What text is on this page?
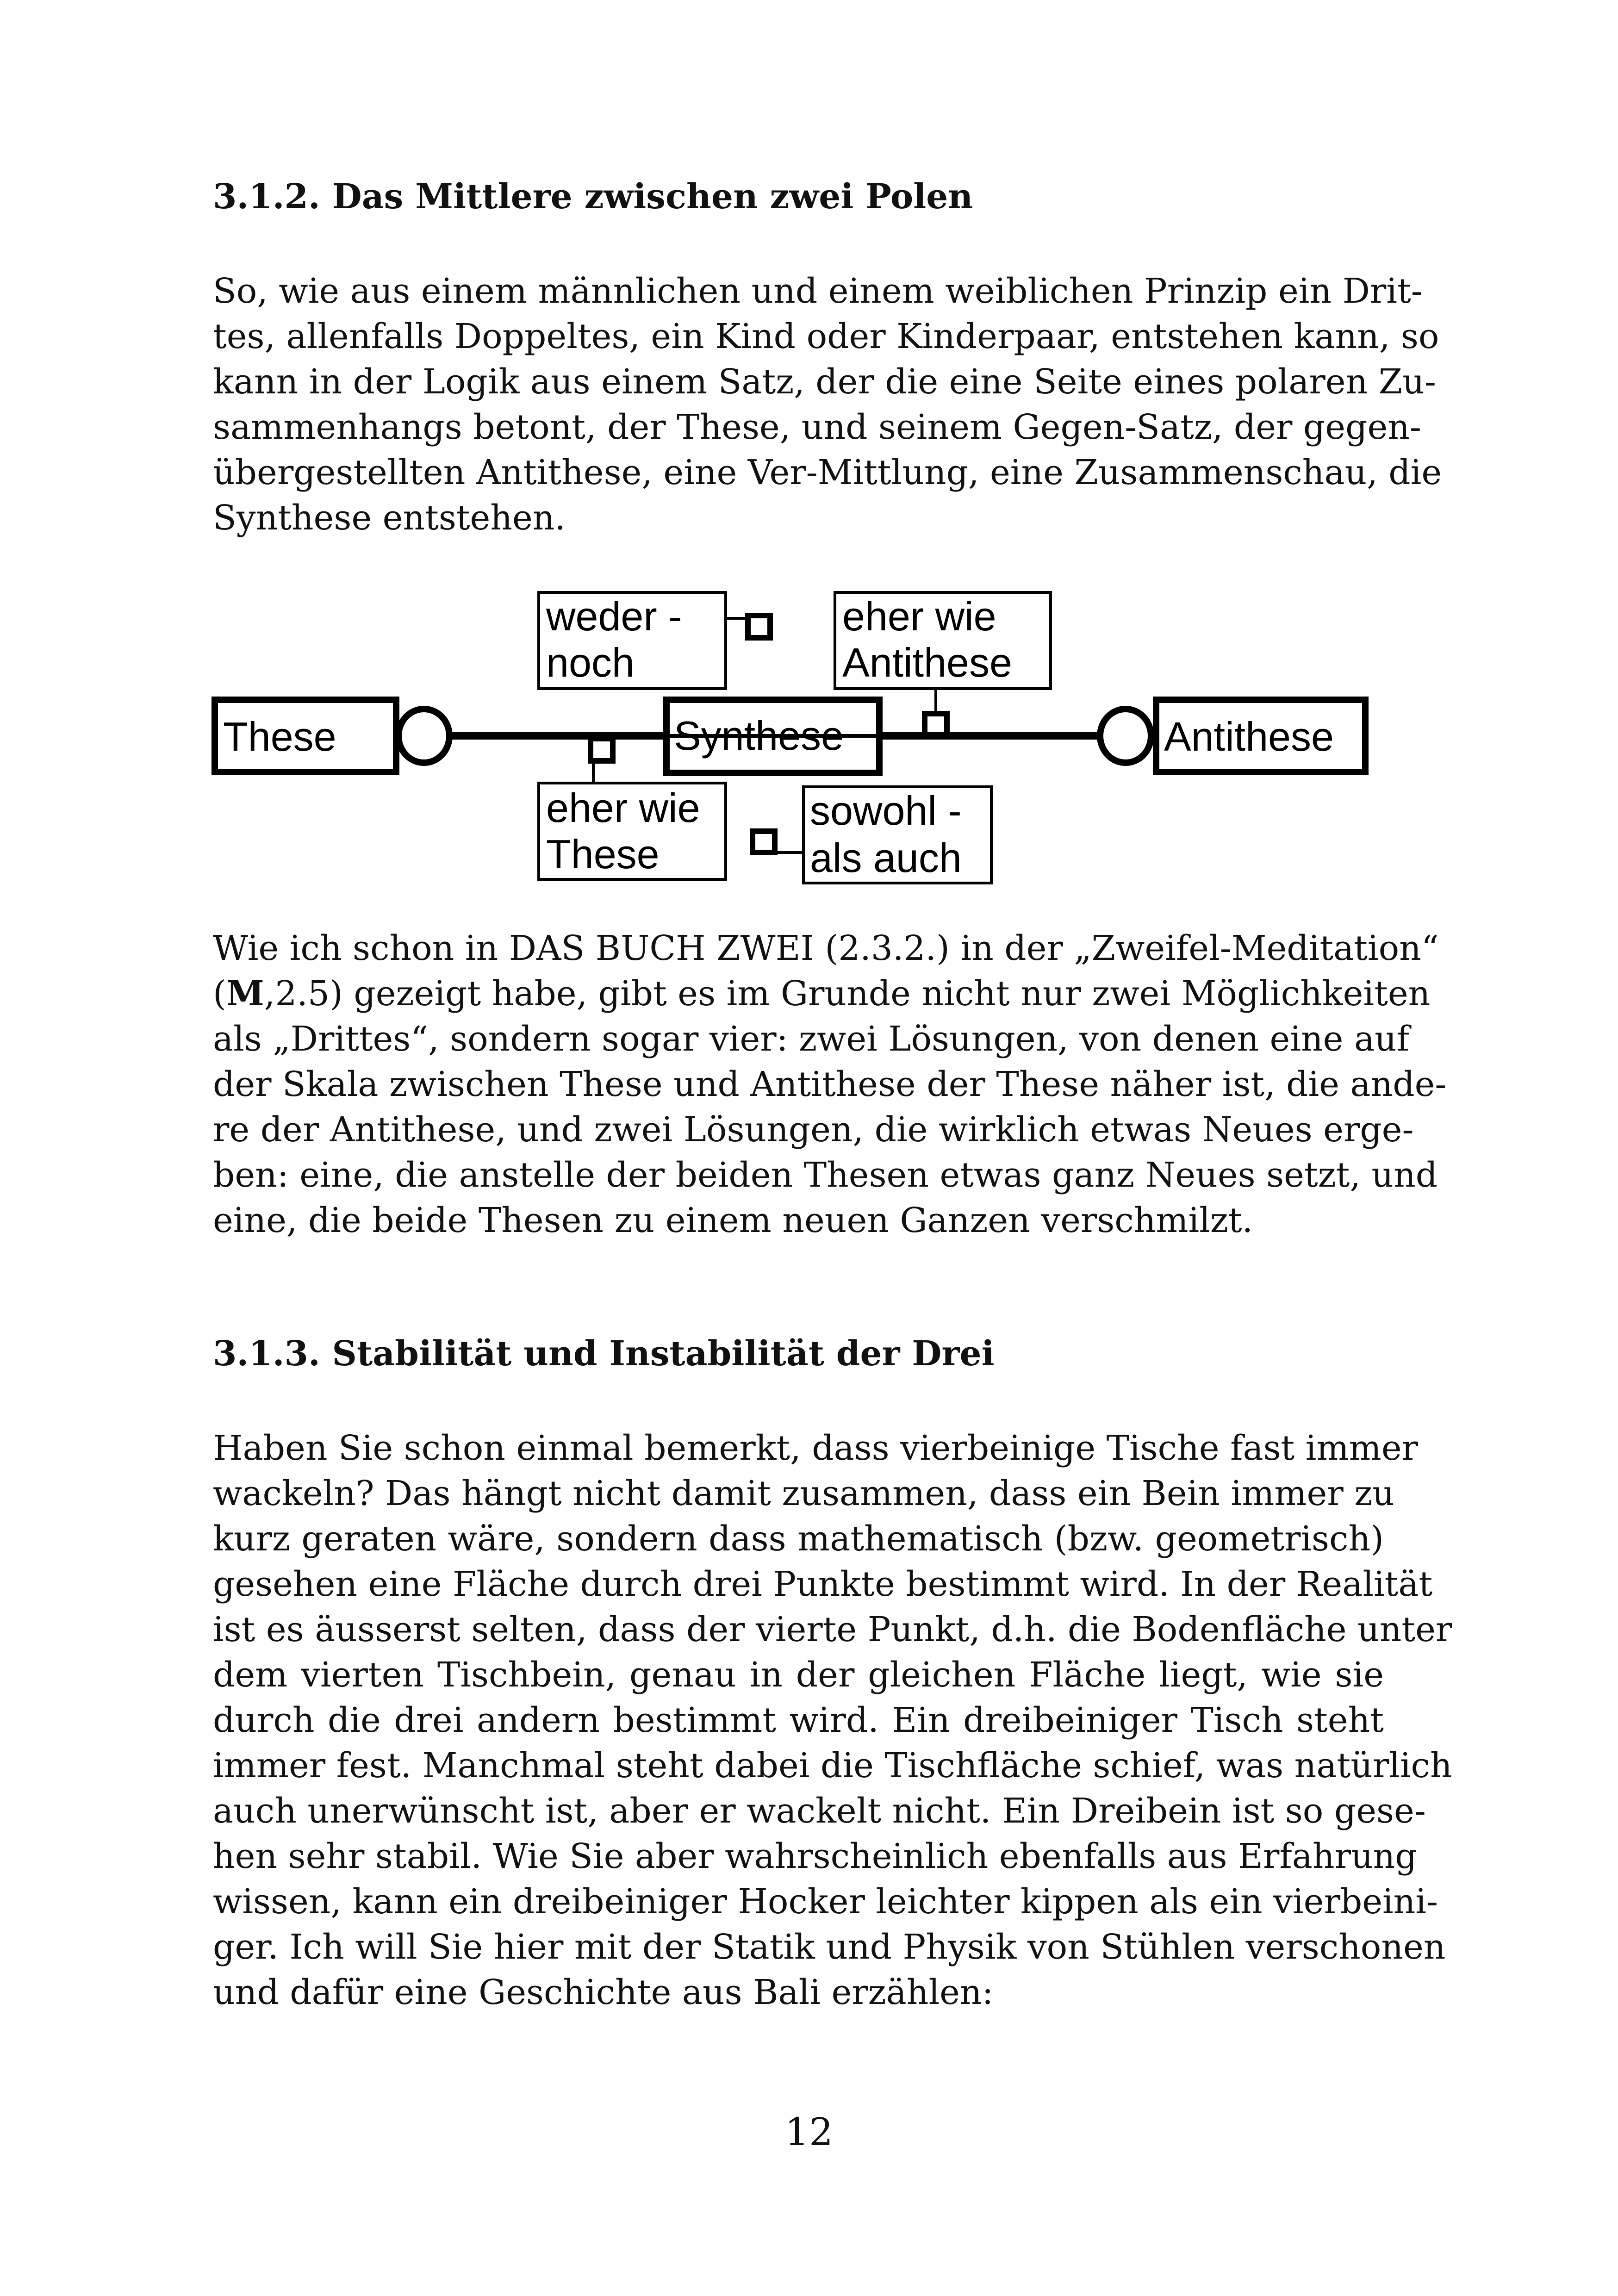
3.1.2. Das Mittlere zwischen zwei Polen
So, wie aus einem männlichen und einem weiblichen Prinzip ein Drit-
tes, allenfalls Doppeltes, ein Kind oder Kinderpaar, entstehen kann, so
kann in der Logik aus einem Satz, der die eine Seite eines polaren Zu-
sammenhangs betont, der These, und seinem Gegen-Satz, der gegen-
übergestellten Antithese, eine Ver-Mittlung, eine Zusammenschau, die
Synthese entstehen.
These	Antithese
Synthese
weder -
noch
eher wie
Antithese
eher wie
These
sowohl -
als auch
Wie ich schon in DAS BUCH ZWEI (2.3.2.) in der „Zweifel-Meditation“
(M,2.5) gezeigt habe, gibt es im Grunde nicht nur zwei Möglichkeiten
als „Drittes“, sondern sogar vier: zwei Lösungen, von denen eine auf
der Skala zwischen These und Antithese der These näher ist, die ande-
re der Antithese, und zwei Lösungen, die wirklich etwas Neues erge-
ben: eine, die anstelle der beiden Thesen etwas ganz Neues setzt, und
eine, die beide Thesen zu einem neuen Ganzen verschmilzt.
3.1.3. Stabilität und Instabilität der Drei
Haben Sie schon einmal bemerkt, dass vierbeinige Tische fast immer
wackeln? Das hängt nicht damit zusammen, dass ein Bein immer zu
kurz geraten wäre, sondern dass mathematisch (bzw. geometrisch)
gesehen eine Fläche durch drei Punkte bestimmt wird. In der Realität
ist es äusserst selten, dass der vierte Punkt, d.h. die Bodenfläche unter
dem vierten Tischbein, genau in der gleichen Fläche liegt, wie sie
durch die drei andern bestimmt wird. Ein dreibeiniger Tisch steht
immer fest. Manchmal steht dabei die Tischfläche schief, was natürlich
auch unerwünscht ist, aber er wackelt nicht. Ein Dreibein ist so gese-
hen sehr stabil. Wie Sie aber wahrscheinlich ebenfalls aus Erfahrung
wissen, kann ein dreibeiniger Hocker leichter kippen als ein vierbeini-
ger. Ich will Sie hier mit der Statik und Physik von Stühlen verschonen
und dafür eine Geschichte aus Bali erzählen:

12
